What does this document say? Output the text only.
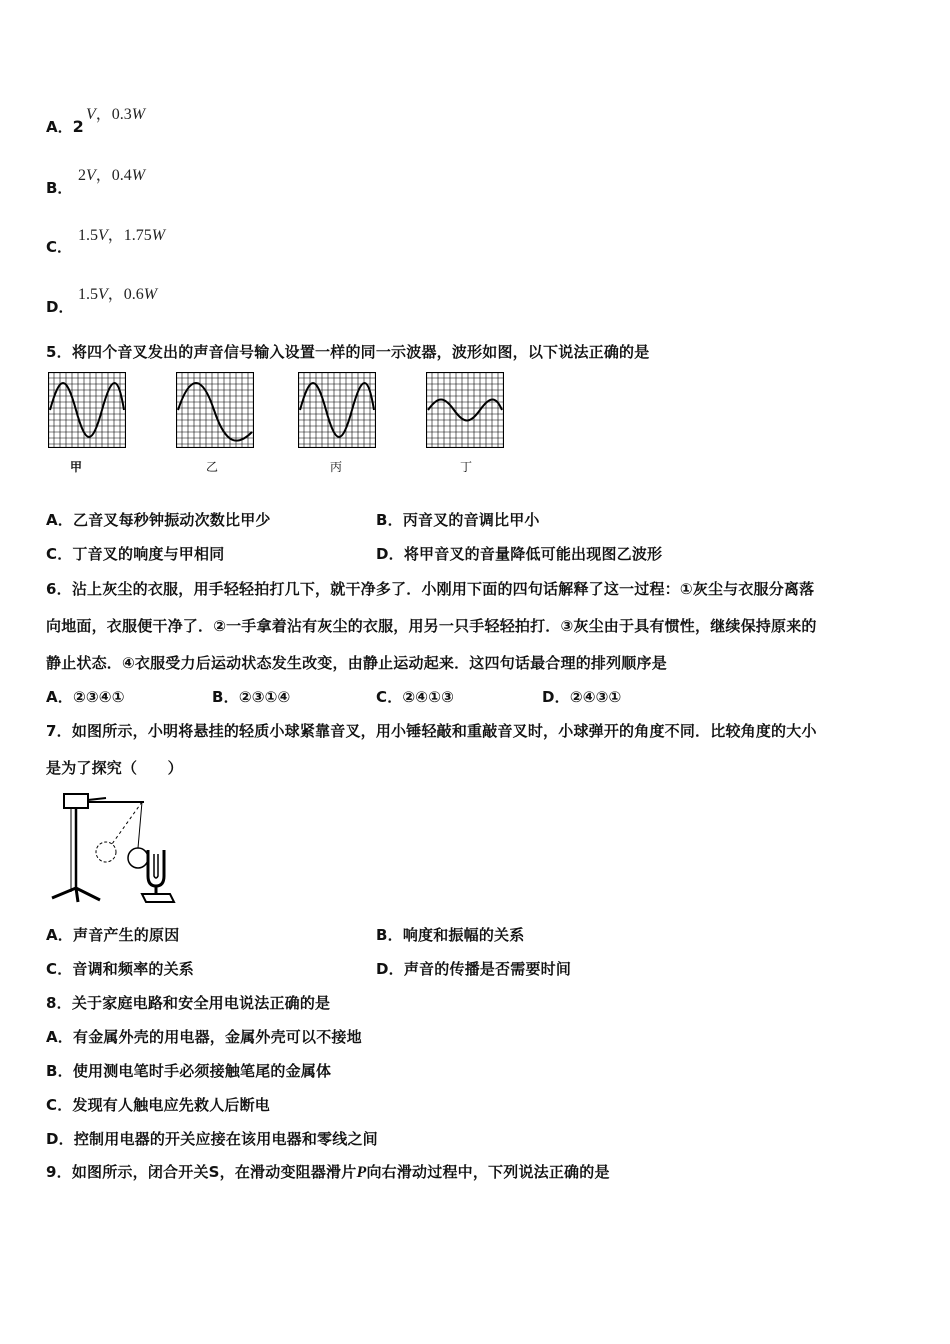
A．2
V，0.3W
B．
2V，0.4W
C．
1.5V，1.75W
D．
1.5V，0.6W
5．将四个音叉发出的声音信号输入设置一样的同一示波器，波形如图，以下说法正确的是
甲	乙	丙	丁
A．乙音叉每秒钟振动次数比甲少	B．丙音叉的音调比甲小
C．丁音叉的响度与甲相同	D．将甲音叉的音量降低可能出现图乙波形
6．沾上灰尘的衣服，用手轻轻拍打几下，就干净多了．小刚用下面的四句话解释了这一过程：①灰尘与衣服分离落
向地面，衣服便干净了．②一手拿着沾有灰尘的衣服，用另一只手轻轻拍打．③灰尘由于具有惯性，继续保持原来的
静止状态．④衣服受力后运动状态发生改变，由静止运动起来．这四句话最合理的排列顺序是
A．②③④①	B．②③①④	C．②④①③	D．②④③①
7．如图所示，小明将悬挂的轻质小球紧靠音叉，用小锤轻敲和重敲音叉时，小球弹开的角度不同．比较角度的大小
是为了探究（　　）
A．声音产生的原因	B．响度和振幅的关系
C．音调和频率的关系	D．声音的传播是否需要时间
8．关于家庭电路和安全用电说法正确的是
A．有金属外壳的用电器，金属外壳可以不接地
B．使用测电笔时手必须接触笔尾的金属体
C．发现有人触电应先救人后断电
D．控制用电器的开关应接在该用电器和零线之间
9．如图所示，闭合开关S，在滑动变阻器滑片P向右滑动过程中，下列说法正确的是
